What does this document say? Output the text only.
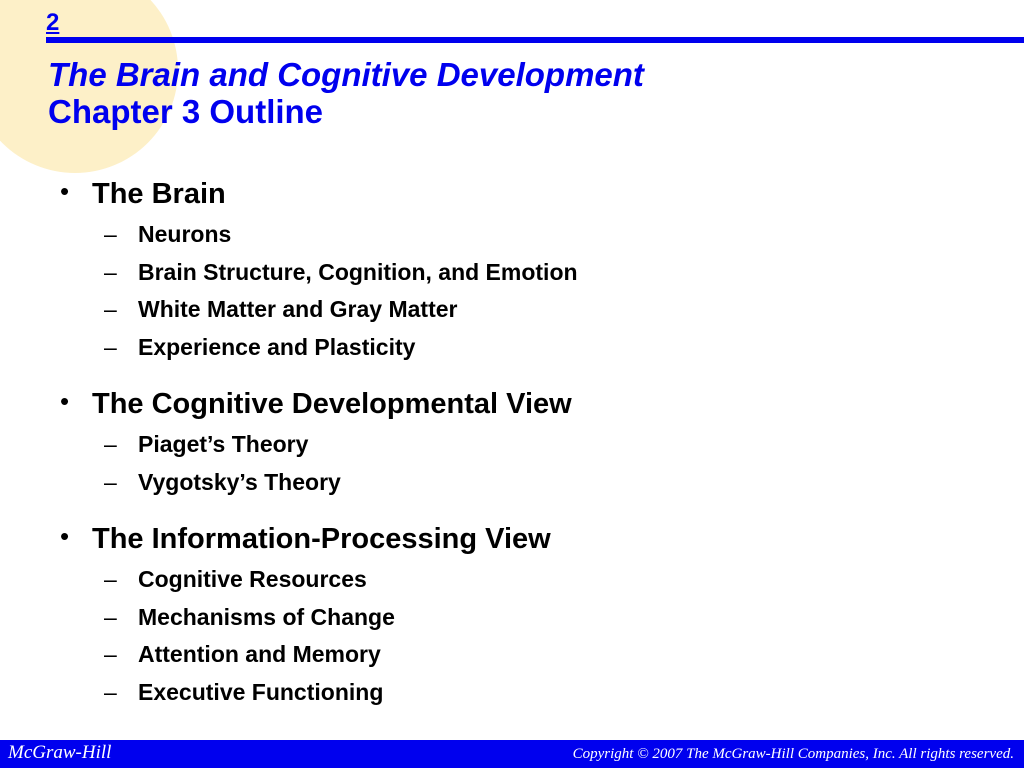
2
The Brain and Cognitive Development
Chapter 3 Outline
• The Brain
– Neurons
– Brain Structure, Cognition, and Emotion
– White Matter and Gray Matter
– Experience and Plasticity
• The Cognitive Developmental View
– Piaget’s Theory
– Vygotsky’s Theory
• The Information-Processing View
– Cognitive Resources
– Mechanisms of Change
– Attention and Memory
– Executive Functioning
McGraw-Hill	Copyright © 2007 The McGraw-Hill Companies, Inc. All rights reserved.
